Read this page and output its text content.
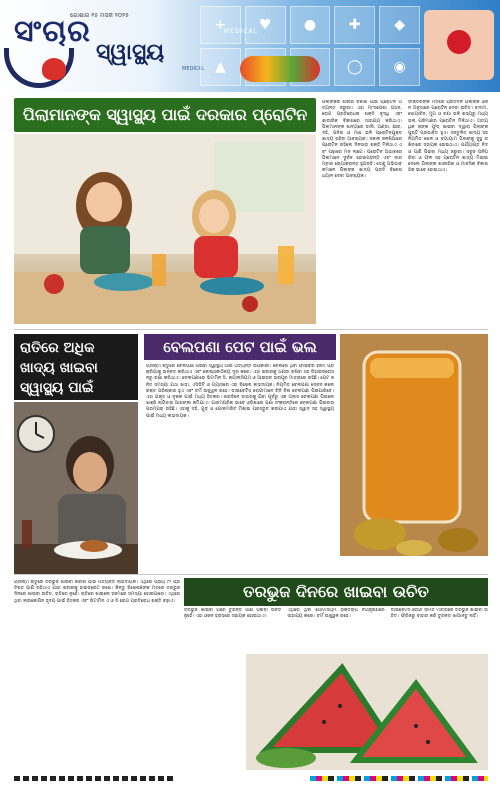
ସଂଚାର
ଗୋଶାର ୧୫ ମସକ ୨୦୨୫
ସ୍ୱାସ୍ଥ୍ୟ
MEDICAL
+	♥	●	✚	◆
▲	◯	◉
MEDICAL
ପିଲାମାନଙ୍କ ସ୍ୱାସ୍ଥ୍ୟ ପାଇଁ ଦରକାର ପ୍ରୋଟିନ
ପିଲାଙ୍କର ଶରୀର ବିକାଶ ପାଇଁ ପ୍ରୋଟିନ ଅତ୍ୟନ୍ତ ଜରୁରୀ। ଏହା ମାଂସପେଶୀ ଗଠନ, ରୋଗ ପ୍ରତିରୋଧକ ଶକ୍ତି ବୃଦ୍ଧି ଏବଂ ଶାରୀରିକ ବିକାଶରେ ସାହାଯ୍ୟ କରିଥାଏ। ପିଲାମାନଙ୍କ ଖାଦ୍ୟରେ ଡାଲି, ଅଣ୍ଡା, କ୍ଷୀର, ଦହି, ପନିର ଓ ମାଛ ଭଳି ପ୍ରୋଟିନଯୁକ୍ତ ଖାଦ୍ୟ ରହିବା ଆବଶ୍ୟକ। ସକାଳ ଜଳଖିଆରେ ପ୍ରୋଟିନ ରହିଲେ ଦିନସାରା ଶକ୍ତି ମିଳିଥାଏ ଏବଂ ପଢ଼ାରେ ମନ ଲାଗେ। ପ୍ରୋଟିନ ଅଭାବରେ ପିଲାମାନେ ଦୁର୍ବଳ ହୋଇପଡ଼ନ୍ତି ଏବଂ ବାରମ୍ବାର ରୋଗାକ୍ରାନ୍ତ ହୁଅନ୍ତି। ତେଣୁ ଅଭିଭାବକମାନେ ପିଲାଙ୍କ ଖାଦ୍ୟ ପ୍ରତି ବିଶେଷ ଧ୍ୟାନ ଦେବା ଆବଶ୍ୟକ।
ଡାକ୍ତରଙ୍କ ମତରେ ପ୍ରତିଦିନ ପିଲାଙ୍କ ଓଜନ ଅନୁସାରେ ପ୍ରୋଟିନ ଦେବା ଉଚିତ। ବାଦାମ, ସୋୟାବିନ, ମୁଗ ଓ ଚଣା ଭଳି ଶସ୍ୟରୁ ମଧ୍ୟ ଭଲ ପରିମାଣର ପ୍ରୋଟିନ ମିଳିଥାଏ। ଅତ୍ୟଧିକ ଜଙ୍କ ଫୁଡ୍ ଖାଇବା ଦ୍ୱାରା ପିଲାଙ୍କ ପୁଷ୍ଟି ପ୍ରଭାବିତ ହୁଏ। ସନ୍ତୁଳିତ ଖାଦ୍ୟ ସହ ନିୟମିତ ଖେଳ ଓ ବ୍ୟାୟାମ ପିଲାଙ୍କୁ ସୁସ୍ଥ ରଖିବାରେ ସହାୟକ ହୋଇଥାଏ। ପର୍ଯ୍ୟାପ୍ତ ନିଦ ଓ ପାଣି ପିଇବା ମଧ୍ୟ ଜରୁରୀ। ସବୁଜ ପନିପରିବା ଓ ଫଳ ସହ ପ୍ରୋଟିନ ଖାଦ୍ୟ ମିଶାଇ ଦେଲେ ପିଲାଙ୍କ ଶାରୀରିକ ଓ ମାନସିକ ବିକାଶ ଠିକ୍ ଭାବେ ହୋଇଥାଏ।
ରାତିରେ ଅଧିକ ଖାଦ୍ୟ ଖାଇବା ସ୍ୱାସ୍ଥ୍ୟ ପାଇଁ
ବେଲପଣା ପେଟ ପାଇଁ ଭଲ
ଗ୍ରୀଷ୍ମ ଋତୁରେ ବେଲପଣା ପିଇବା ସ୍ୱାସ୍ଥ୍ୟ ପାଇଁ ଅତ୍ୟନ୍ତ ଉପକାରୀ। ବେଲରେ ଥିବା ଫାଇବର ହଜମ ପ୍ରକ୍ରିୟାକୁ ଉନ୍ନତ କରିଥାଏ ଏବଂ କୋଷ୍ଠକାଠିନ୍ୟ ଦୂର କରେ। ଏହା ଶରୀରକୁ ଥଣ୍ଡା ରଖିବା ସହ ଡିହାଇଡ୍ରେସନରୁ ରକ୍ଷା କରିଥାଏ। ବେଲପଣାରେ ଭିଟାମିନ ସି, କ୍ୟାଲସିୟମ ଓ ଆଇରନ ଭରପୂର ମାତ୍ରାରେ ରହିଛି। ପେଟ ଜନିତ ସମସ୍ୟା ଯଥା ଝାଡ଼ା, ଏସିଡିଟି ଓ ଗ୍ୟାସରେ ଏହା ବିଶେଷ ଲାଭଦାୟକ। ନିୟମିତ ବେଲପଣା ସେବନ କଲେ ରକ୍ତ ପରିଷ୍କାର ହୁଏ ଏବଂ ଚର୍ମ ଉଜ୍ଜ୍ୱଳ ରହେ। ଡାଇବେଟିସ ରୋଗୀମାନେ ଚିନି ବିନା ବେଲପଣା ପିଇପାରିବେ। ଏହା ଯକୃତ ଓ ବୃକକ ପାଇଁ ମଧ୍ୟ ହିତକର। ଖରାଦିନେ ବାହାରକୁ ଯିବା ପୂର୍ବରୁ ଏକ ଗ୍ଲାସ ବେଲପଣା ପିଇଲେ ଝାଞ୍ଜି ଲାଗିବାର ଆଶଙ୍କା କମିଯାଏ। ପାରମ୍ପରିକ ଭାବେ ଓଡ଼ିଶାରେ ପଣା ସଂକ୍ରାନ୍ତିରେ ବେଲପଣା ପିଇବାର ପରମ୍ପରା ରହିଛି। ଏହାକୁ ଦହି, ଗୁଡ଼ ଓ ଗୋଲମରିଚ ମିଶାଇ ପ୍ରସ୍ତୁତ କରାଯାଏ ଯାହା ସ୍ୱାଦ ସହ ସ୍ୱାସ୍ଥ୍ୟ ପାଇଁ ମଧ୍ୟ ଲାଭଦାୟକ।
ଗ୍ରୀଷ୍ମ ଋତୁରେ ତରଭୁଜ ଖାଇବା ଶରୀର ପାଇଁ ଅତ୍ୟନ୍ତ ଲାଭଦାୟକ। ଏଥିରେ ପ୍ରାୟ ୯୨ ପ୍ରତିଶତ ପାଣି ରହିଥାଏ ଯାହା ଶରୀରକୁ ହାଇଡ୍ରେଟ ରଖେ। କିନ୍ତୁ ବିଶେଷଜ୍ଞଙ୍କ ମତରେ ତରଭୁଜ ଦିନରେ ଖାଇବା ଉଚିତ, ରାତିରେ ନୁହେଁ। ରାତିରେ ଖାଇଲେ ହଜମରେ ସମସ୍ୟା ହୋଇପାରେ। ଏଥିରେ ଥିବା ଲାଇକୋପିନ ହୃଦୟ ପାଇଁ ହିତକର ଏବଂ ଭିଟାମିନ ଏ ଓ ସି ରୋଗ ପ୍ରତିରୋଧ ଶକ୍ତି ବଢ଼ାଏ।
ତରଭୁଜ ଦିନରେ ଖାଇବା ଉଚିତ
ତରଭୁଜ ଖାଇବା ପରେ ତୁରନ୍ତ ପାଣି ପିଇବା ଉଚିତ ନୁହେଁ। ଏହା ଓଜନ ହ୍ରାସରେ ସହାୟକ ହୋଇଥାଏ।
ଏଥିରେ ଥିବା ପୋଟାସିୟମ ରକ୍ତଚାପ ନିୟନ୍ତ୍ରଣରେ ସାହାଯ୍ୟ କରେ। ଚର୍ମ ଉଜ୍ଜ୍ୱଳ ରହେ।
ଡାଇବେଟିସ ରୋଗୀ ସୀମିତ ମାତ୍ରାରେ ତରଭୁଜ ଖାଇବା ଉଚିତ। ଫ୍ରିଜରୁ ବାହାର କରି ତୁରନ୍ତ ଖାଆନ୍ତୁ ନାହିଁ।
